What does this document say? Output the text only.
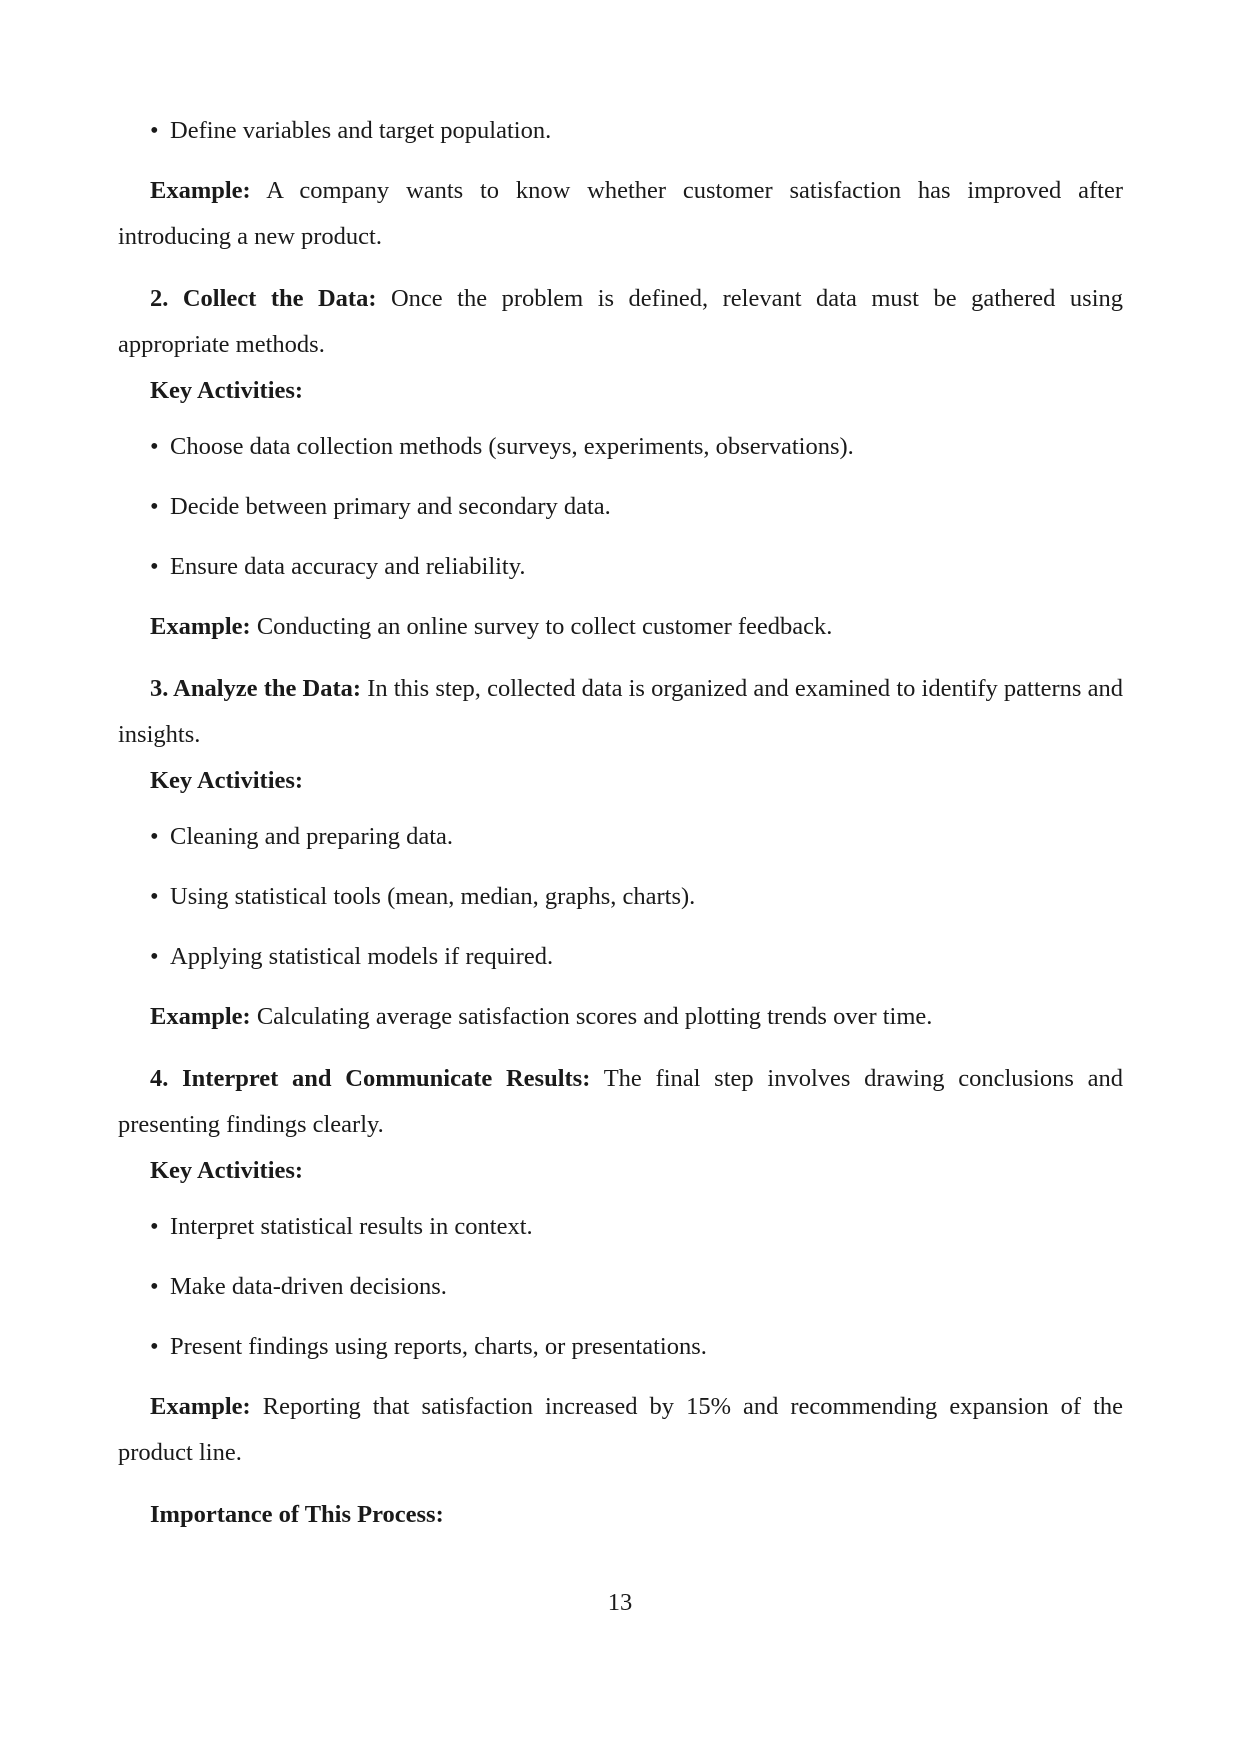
• Define variables and target population.

Example: A company wants to know whether customer satisfaction has improved after introducing a new product.

2. Collect the Data: Once the problem is defined, relevant data must be gathered using appropriate methods.

Key Activities:

• Choose data collection methods (surveys, experiments, observations).
• Decide between primary and secondary data.
• Ensure data accuracy and reliability.

Example: Conducting an online survey to collect customer feedback.

3. Analyze the Data: In this step, collected data is organized and examined to identify patterns and insights.

Key Activities:

• Cleaning and preparing data.
• Using statistical tools (mean, median, graphs, charts).
• Applying statistical models if required.

Example: Calculating average satisfaction scores and plotting trends over time.

4. Interpret and Communicate Results: The final step involves drawing conclusions and presenting findings clearly.

Key Activities:

• Interpret statistical results in context.
• Make data-driven decisions.
• Present findings using reports, charts, or presentations.

Example: Reporting that satisfaction increased by 15% and recommending expansion of the product line.

Importance of This Process:

13
